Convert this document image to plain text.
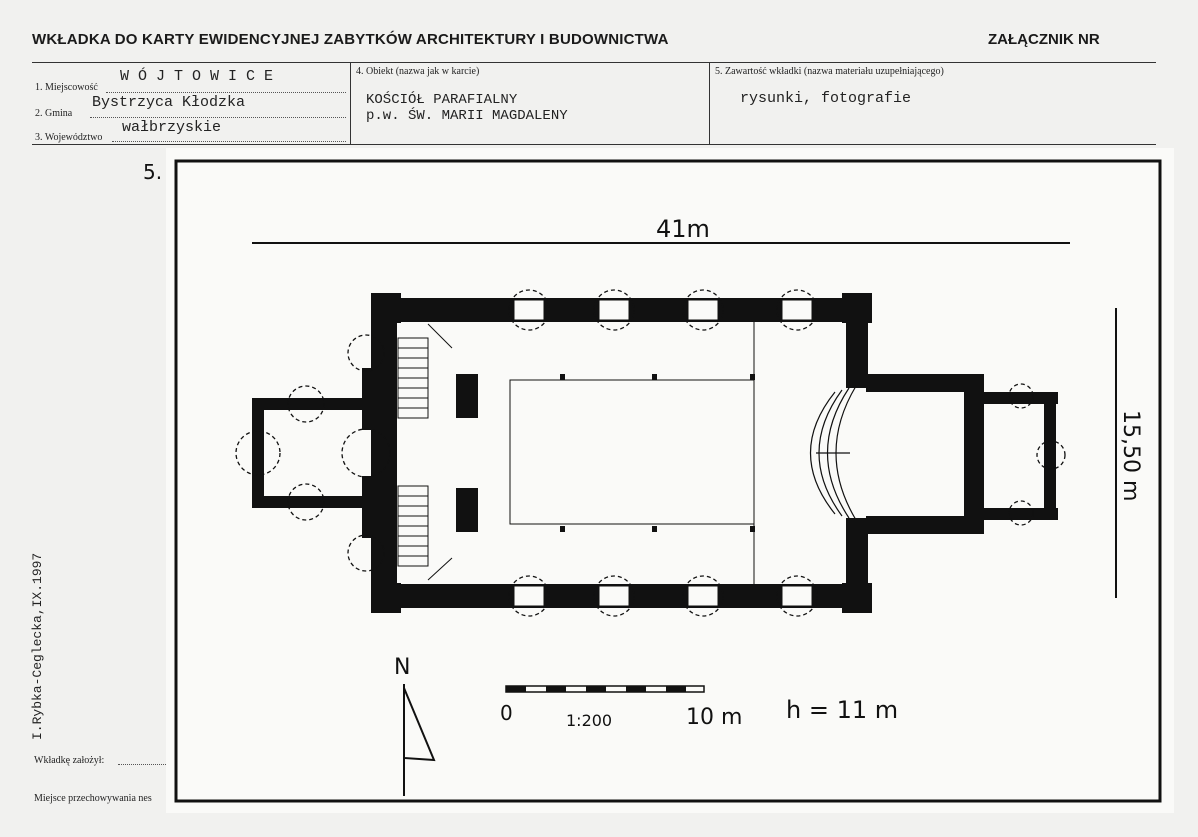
WKŁADKA DO KARTY EWIDENCYJNEJ ZABYTKÓW ARCHITEKTURY I BUDOWNICTWA	ZAŁĄCZNIK NR
1. Miejscowość
W Ó J T O W I C E
2. Gmina
Bystrzyca Kłodzka
3. Województwo
wałbrzyskie
4. Obiekt (nazwa jak w karcie)
KOŚCIÓŁ PARAFIALNY
p.w. ŚW. MARII MAGDALENY
5. Zawartość wkładki (nazwa materiału uzupełniającego)
rysunki, fotografie
5.
I.Rybka-Ceglecka,IX.1997
Wkładkę założył:
Miejsce przechowywania nes
41m
15,50 m
N
0	1:200	10 m h = 11 m
